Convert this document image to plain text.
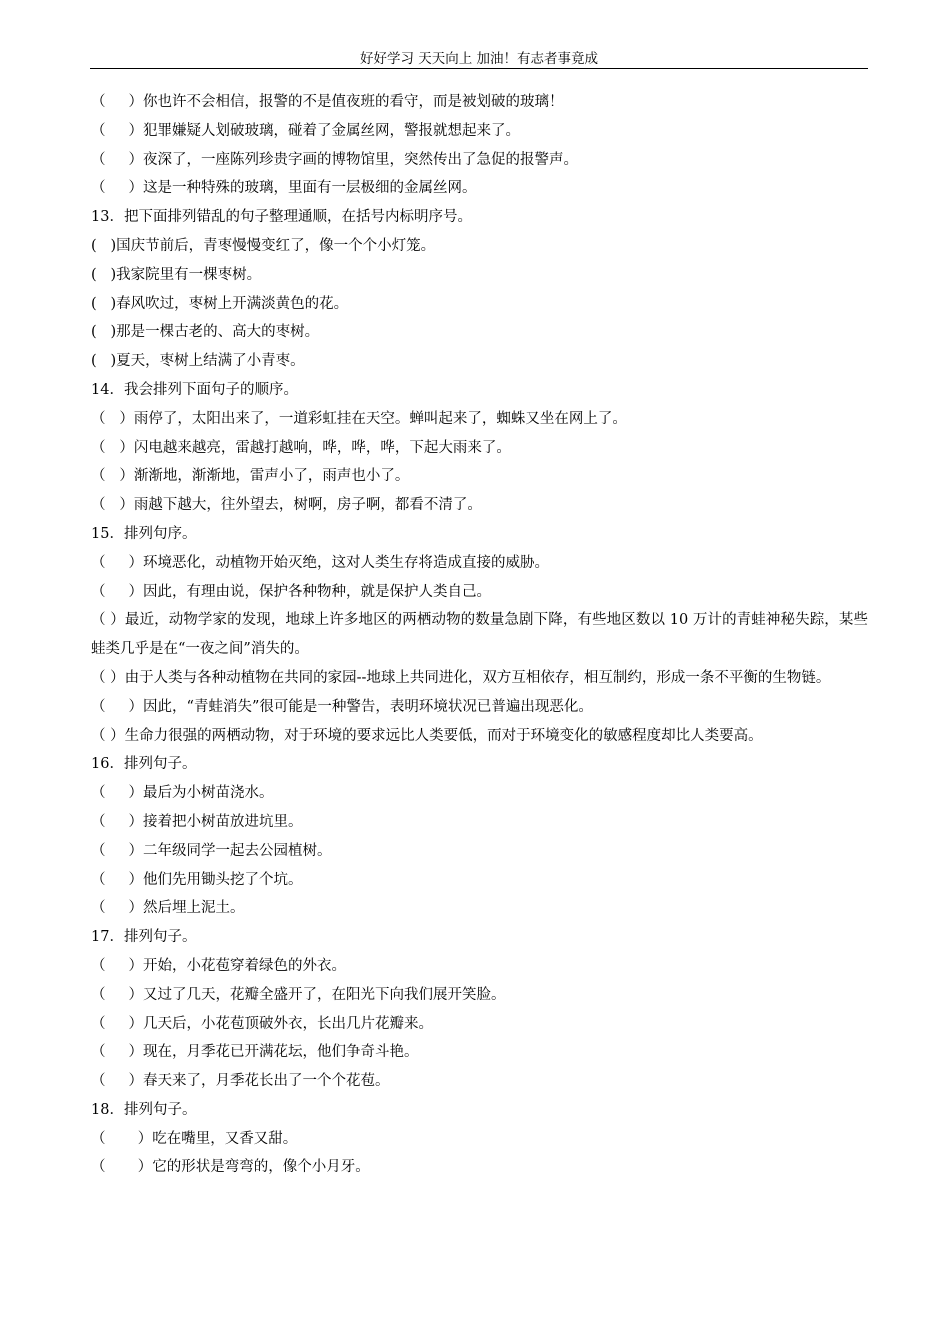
好好学习 天天向上 加油！有志者事竟成
（     ）你也许不会相信，报警的不是值夜班的看守，而是被划破的玻璃！
（     ）犯罪嫌疑人划破玻璃，碰着了金属丝网，警报就想起来了。
（     ）夜深了，一座陈列珍贵字画的博物馆里，突然传出了急促的报警声。
（     ）这是一种特殊的玻璃，里面有一层极细的金属丝网。
13．把下面排列错乱的句子整理通顺，在括号内标明序号。
(   )国庆节前后，青枣慢慢变红了，像一个个小灯笼。
(   )我家院里有一棵枣树。
(   )春风吹过，枣树上开满淡黄色的花。
(   )那是一棵古老的、高大的枣树。
(   )夏天，枣树上结满了小青枣。
14．我会排列下面句子的顺序。
（   ）雨停了，太阳出来了，一道彩虹挂在天空。蝉叫起来了，蜘蛛又坐在网上了。
（   ）闪电越来越亮，雷越打越响，哗，哗，哗，下起大雨来了。
（   ）渐渐地，渐渐地，雷声小了，雨声也小了。
（   ）雨越下越大，往外望去，树啊，房子啊，都看不清了。
15．排列句序。
（     ）环境恶化，动植物开始灭绝，这对人类生存将造成直接的威胁。
（     ）因此，有理由说，保护各种物种，就是保护人类自己。
（ ）最近，动物学家的发现，地球上许多地区的两栖动物的数量急剧下降，有些地区数以 10 万计的青蛙神秘失踪，某些蛙类几乎是在“一夜之间”消失的。
（ ）由于人类与各种动植物在共同的家园--地球上共同进化，双方互相依存，相互制约，形成一条不平衡的生物链。
（     ）因此，“青蛙消失”很可能是一种警告，表明环境状况已普遍出现恶化。
（ ）生命力很强的两栖动物，对于环境的要求远比人类要低，而对于环境变化的敏感程度却比人类要高。
16．排列句子。
（     ）最后为小树苗浇水。
（     ）接着把小树苗放进坑里。
（     ）二年级同学一起去公园植树。
（     ）他们先用锄头挖了个坑。
（     ）然后埋上泥土。
17．排列句子。
（     ）开始，小花苞穿着绿色的外衣。
（     ）又过了几天，花瓣全盛开了，在阳光下向我们展开笑脸。
（     ）几天后，小花苞顶破外衣，长出几片花瓣来。
（     ）现在，月季花已开满花坛，他们争奇斗艳。
（     ）春天来了，月季花长出了一个个花苞。
18．排列句子。
（       ）吃在嘴里，又香又甜。
（       ）它的形状是弯弯的，像个小月牙。
